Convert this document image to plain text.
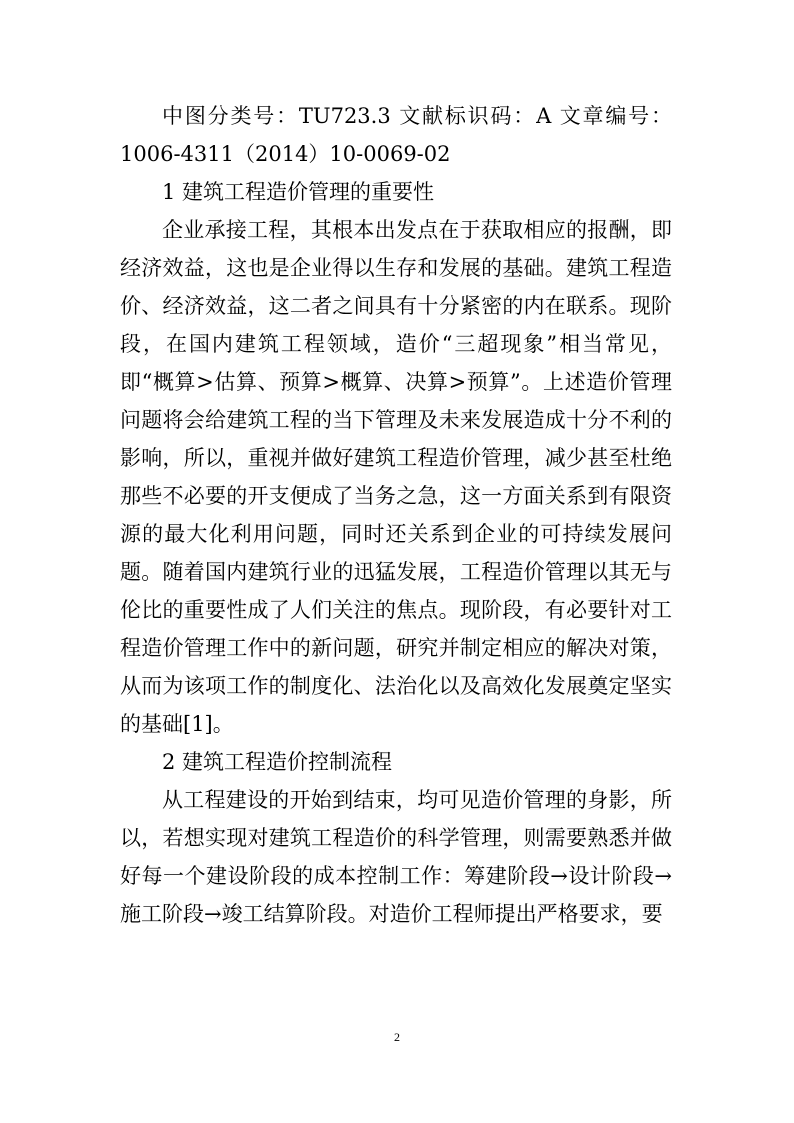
中图分类号：TU723.3 文献标识码：A 文章编号：1006-4311（2014）10-0069-02

1 建筑工程造价管理的重要性

企业承接工程，其根本出发点在于获取相应的报酬，即经济效益，这也是企业得以生存和发展的基础。建筑工程造价、经济效益，这二者之间具有十分紧密的内在联系。现阶段，在国内建筑工程领域，造价“三超现象”相当常见，即“概算>估算、预算>概算、决算>预算”。上述造价管理问题将会给建筑工程的当下管理及未来发展造成十分不利的影响，所以，重视并做好建筑工程造价管理，减少甚至杜绝那些不必要的开支便成了当务之急，这一方面关系到有限资源的最大化利用问题，同时还关系到企业的可持续发展问题。随着国内建筑行业的迅猛发展，工程造价管理以其无与伦比的重要性成了人们关注的焦点。现阶段，有必要针对工程造价管理工作中的新问题，研究并制定相应的解决对策，从而为该项工作的制度化、法治化以及高效化发展奠定坚实的基础[1]。

2 建筑工程造价控制流程

从工程建设的开始到结束，均可见造价管理的身影，所以，若想实现对建筑工程造价的科学管理，则需要熟悉并做好每一个建设阶段的成本控制工作：筹建阶段→设计阶段→施工阶段→竣工结算阶段。对造价工程师提出严格要求，要

2
